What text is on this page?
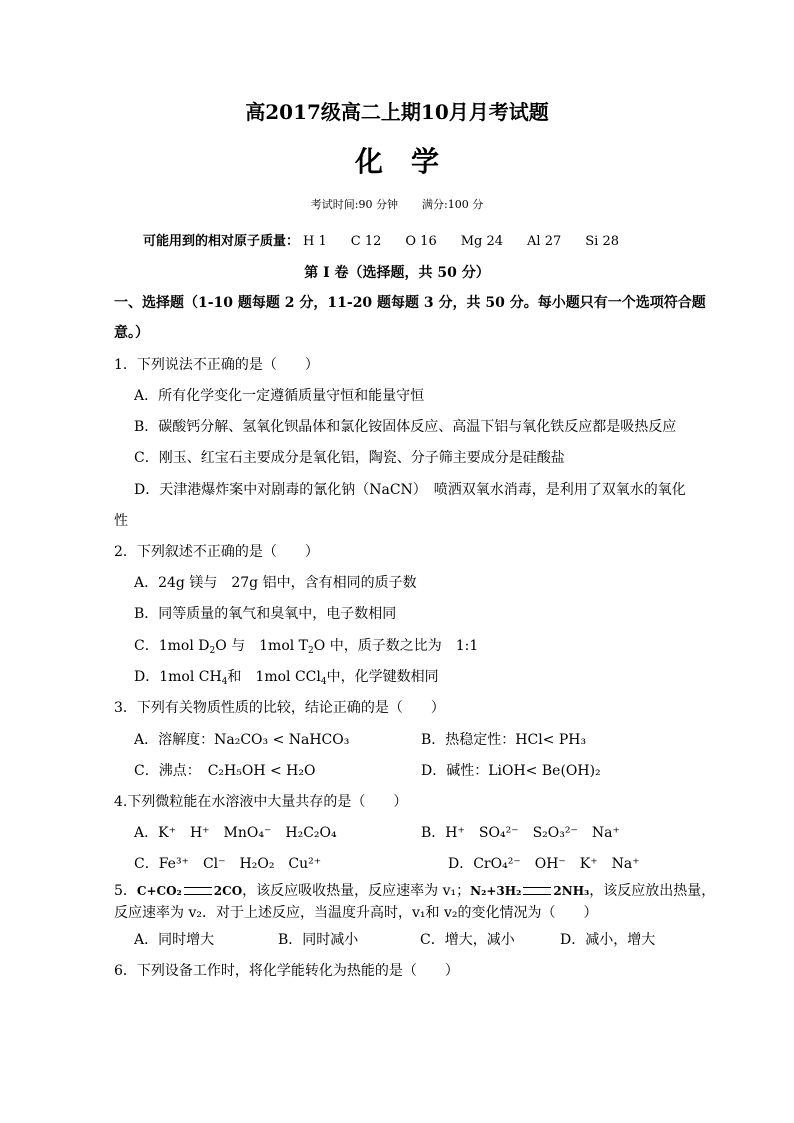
高2017级高二上期10月月考试题
化学
考试时间:90 分钟 满分:100 分
可能用到的相对原子质量： H 1 C 12 O 16 Mg 24 Al 27 Si 28
第 I 卷（选择题，共 50 分）
一、选择题（1-10 题每题 2 分，11-20 题每题 3 分，共 50 分。每小题只有一个选项符合题
意。）
1．下列说法不正确的是（　　）
A．所有化学变化一定遵循质量守恒和能量守恒
B．碳酸钙分解、氢氧化钡晶体和氯化铵固体反应、高温下铝与氧化铁反应都是吸热反应
C．刚玉、红宝石主要成分是氧化铝，陶瓷、分子筛主要成分是硅酸盐
D．天津港爆炸案中对剧毒的氰化钠（NaCN）　喷洒双氧水消毒，是利用了双氧水的氧化
性
2．下列叙述不正确的是（　　）
A．24g 镁与　27g 铝中，含有相同的质子数
B．同等质量的氧气和臭氧中，电子数相同
C．1mol $D_2O$ 与　1mol $T_2O$ 中，质子数之比为　1:1
D．1mol $CH_4$和　1mol CCl$_4$中，化学键数相同
3．下列有关物质性质的比较，结论正确的是（　　）
A．溶解度：Na₂CO₃ < NaHCO₃	B．热稳定性：HCl< PH₃
C．沸点：　C₂H₅OH < H₂O	D．碱性：LiOH< Be(OH)₂
4.下列微粒能在水溶液中大量共存的是（　　）
A．K⁺　H⁺　MnO₄⁻　H₂C₂O₄	B．H⁺　SO₄²⁻　S₂O₃²⁻　Na⁺
C．Fe³⁺　Cl⁻　H₂O₂　Cu²⁺	D．CrO₄²⁻　OH⁻　K⁺　Na⁺
5．C+CO₂	2CO，该反应吸收热量，反应速率为 v₁；N₂+3H₂	2NH₃，该反应放出热量，
反应速率为 v₂．对于上述反应，当温度升高时，v₁和 v₂的变化情况为（　　）
A．同时增大	B．同时减小	C．增大，减小	D．减小，增大
6．下列设备工作时，将化学能转化为热能的是（　　）
